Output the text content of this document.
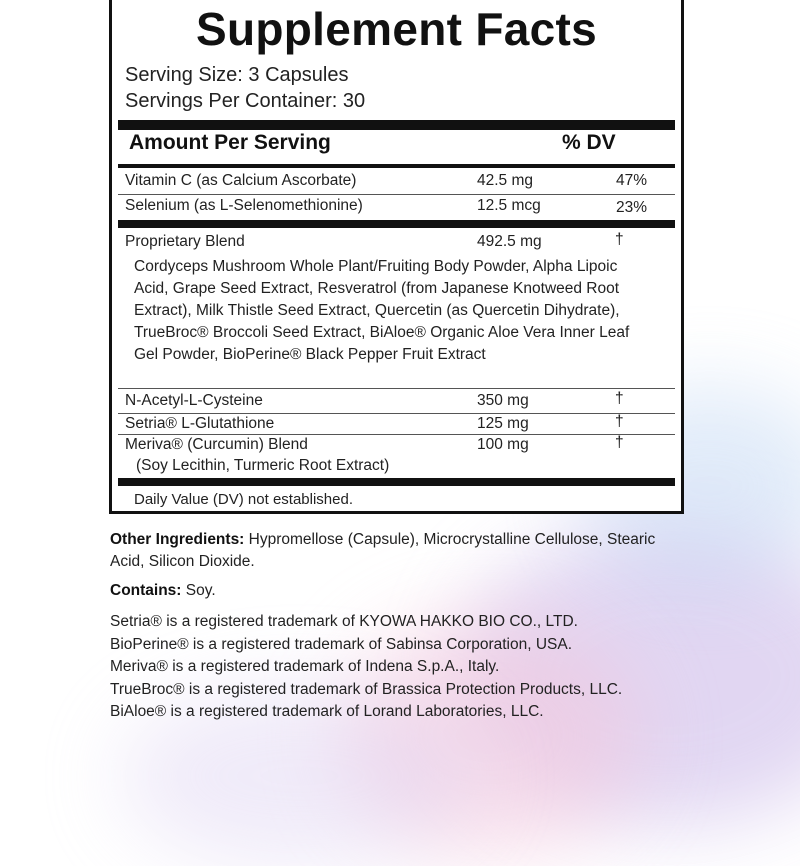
Supplement Facts
Serving Size: 3 Capsules
Servings Per Container: 30
Amount Per Serving	% DV
Vitamin C (as Calcium Ascorbate)	42.5 mg	47%
Selenium (as L-Selenomethionine)	12.5 mcg	23%
Proprietary Blend	492.5 mg	†
Cordyceps Mushroom Whole Plant/Fruiting Body Powder, Alpha Lipoic Acid, Grape Seed Extract, Resveratrol (from Japanese Knotweed Root Extract), Milk Thistle Seed Extract, Quercetin (as Quercetin Dihydrate), TrueBroc® Broccoli Seed Extract, BiAloe® Organic Aloe Vera Inner Leaf Gel Powder, BioPerine® Black Pepper Fruit Extract
N-Acetyl-L-Cysteine	350 mg	†
Setria® L-Glutathione	125 mg	†
Meriva® (Curcumin) Blend	100 mg	†
(Soy Lecithin, Turmeric Root Extract)
Daily Value (DV) not established.
Other Ingredients: Hypromellose (Capsule), Microcrystalline Cellulose, Stearic Acid, Silicon Dioxide.
Contains: Soy.
Setria® is a registered trademark of KYOWA HAKKO BIO CO., LTD.
BioPerine® is a registered trademark of Sabinsa Corporation, USA.
Meriva® is a registered trademark of Indena S.p.A., Italy.
TrueBroc® is a registered trademark of Brassica Protection Products, LLC.
BiAloe® is a registered trademark of Lorand Laboratories, LLC.
